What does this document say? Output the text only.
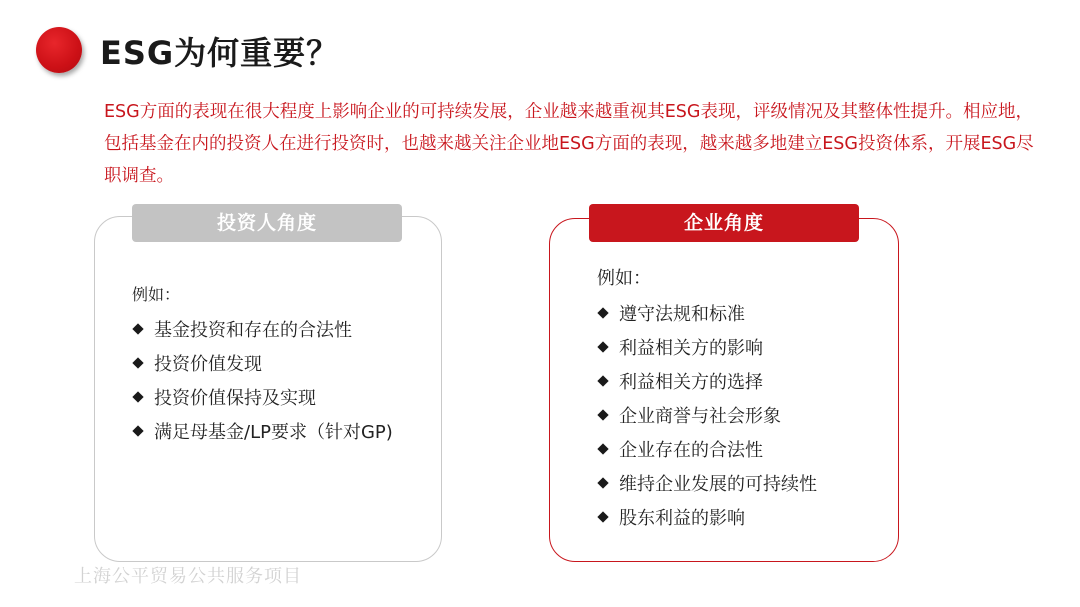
ESG为何重要？
ESG方面的表现在很大程度上影响企业的可持续发展，企业越来越重视其ESG表现，评级情况及其整体性提升。相应地，包括基金在内的投资人在进行投资时，也越来越关注企业地ESG方面的表现，越来越多地建立ESG投资体系，开展ESG尽职调查。
投资人角度
例如：
基金投资和存在的合法性
投资价值发现
投资价值保持及实现
满足母基金/LP要求（针对GP)
企业角度
例如：
遵守法规和标准
利益相关方的影响
利益相关方的选择
企业商誉与社会形象
企业存在的合法性
维持企业发展的可持续性
股东利益的影响
上海公平贸易公共服务项目
